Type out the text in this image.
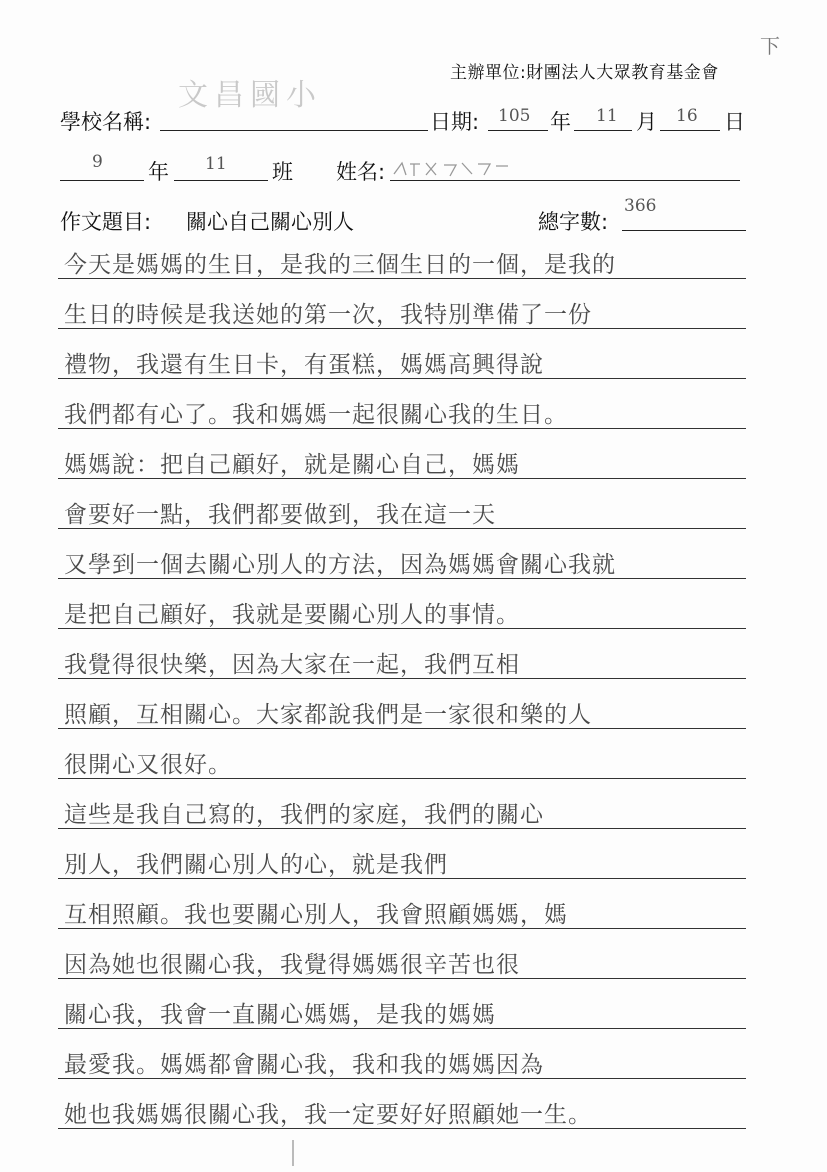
下
文昌國小
主辦單位:財團法人大眾教育基金會
學校名稱:	日期: 105 年 11 月 16 日
9 年 11 班 姓名:
作文題目: 關心自己關心別人	總字數:
366
今天是媽媽的生日，是我的三個生日的一個，是我的
生日的時候是我送她的第一次，我特別準備了一份
禮物，我還有生日卡，有蛋糕，媽媽高興得說
我們都有心了。我和媽媽一起很關心我的生日。
媽媽說：把自己顧好，就是關心自己，媽媽
會要好一點，我們都要做到，我在這一天
又學到一個去關心別人的方法，因為媽媽會關心我就
是把自己顧好，我就是要關心別人的事情。
我覺得很快樂，因為大家在一起，我們互相
照顧，互相關心。大家都說我們是一家很和樂的人
很開心又很好。
這些是我自己寫的，我們的家庭，我們的關心
別人，我們關心別人的心，就是我們
互相照顧。我也要關心別人，我會照顧媽媽，媽
因為她也很關心我，我覺得媽媽很辛苦也很
關心我，我會一直關心媽媽，是我的媽媽
最愛我。媽媽都會關心我，我和我的媽媽因為
她也我媽媽很關心我，我一定要好好照顧她一生。
